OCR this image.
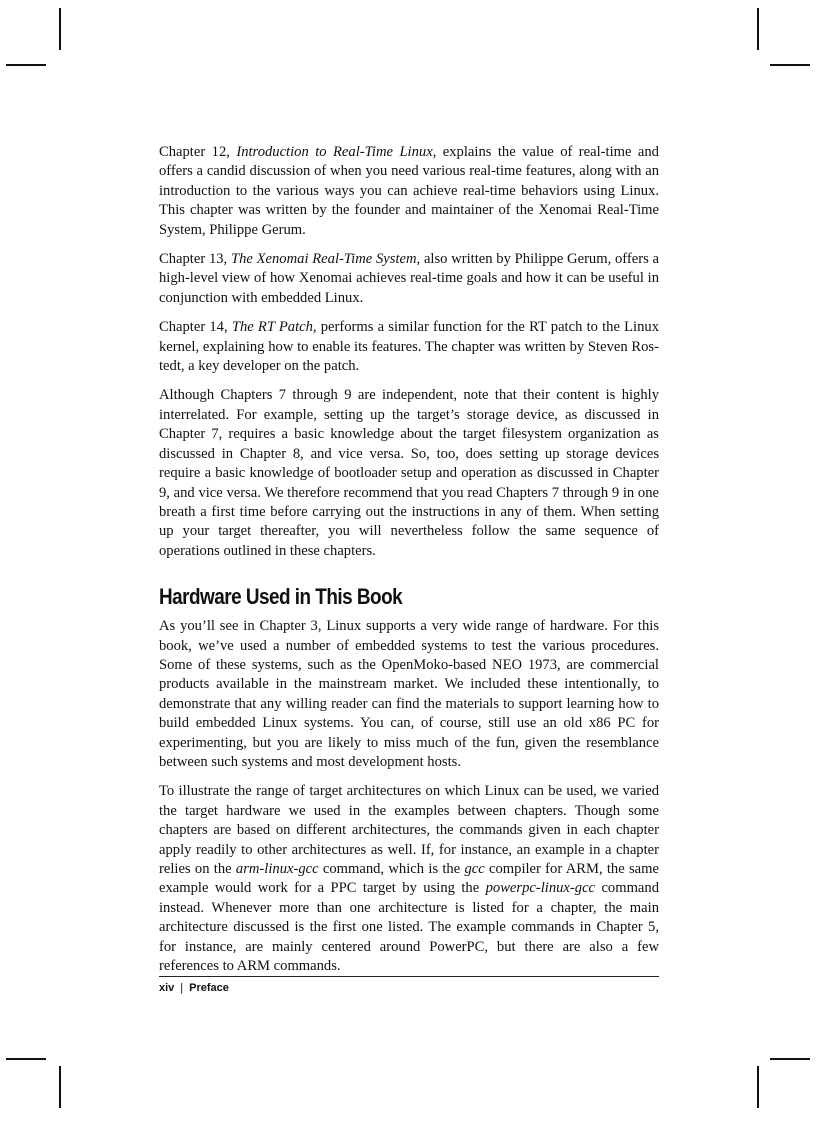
Chapter 12, Introduction to Real-Time Linux, explains the value of real-time and offers a candid discussion of when you need various real-time features, along with an introduction to the various ways you can achieve real-time behaviors using Linux. This chapter was written by the founder and maintainer of the Xenomai Real-Time System, Philippe Gerum.

Chapter 13, The Xenomai Real-Time System, also written by Philippe Gerum, offers a high-level view of how Xenomai achieves real-time goals and how it can be useful in conjunction with embedded Linux.

Chapter 14, The RT Patch, performs a similar function for the RT patch to the Linux kernel, explaining how to enable its features. The chapter was written by Steven Rostedt, a key developer on the patch.

Although Chapters 7 through 9 are independent, note that their content is highly interrelated. For example, setting up the target’s storage device, as discussed in Chapter 7, requires a basic knowledge about the target filesystem organization as discussed in Chapter 8, and vice versa. So, too, does setting up storage devices require a basic knowledge of bootloader setup and operation as discussed in Chapter 9, and vice versa. We therefore recommend that you read Chapters 7 through 9 in one breath a first time before carrying out the instructions in any of them. When setting up your target thereafter, you will nevertheless follow the same sequence of operations outlined in these chapters.

Hardware Used in This Book

As you’ll see in Chapter 3, Linux supports a very wide range of hardware. For this book, we’ve used a number of embedded systems to test the various procedures. Some of these systems, such as the OpenMoko-based NEO 1973, are commercial products available in the mainstream market. We included these intentionally, to demonstrate that any willing reader can find the materials to support learning how to build embedded Linux systems. You can, of course, still use an old x86 PC for experimenting, but you are likely to miss much of the fun, given the resemblance between such systems and most development hosts.

To illustrate the range of target architectures on which Linux can be used, we varied the target hardware we used in the examples between chapters. Though some chapters are based on different architectures, the commands given in each chapter apply readily to other architectures as well. If, for instance, an example in a chapter relies on the arm-linux-gcc command, which is the gcc compiler for ARM, the same example would work for a PPC target by using the powerpc-linux-gcc command instead. Whenever more than one architecture is listed for a chapter, the main architecture discussed is the first one listed. The example commands in Chapter 5, for instance, are mainly centered around PowerPC, but there are also a few references to ARM commands.

xiv | Preface
